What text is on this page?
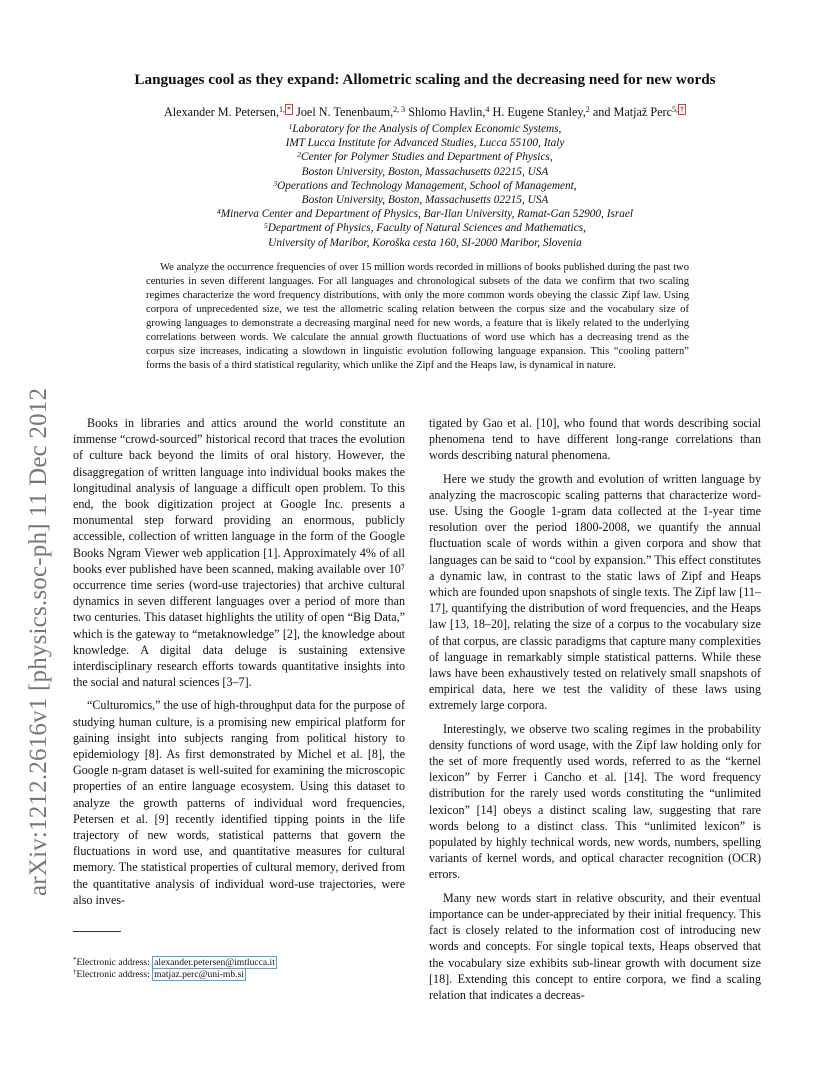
arXiv:1212.2616v1 [physics.soc-ph] 11 Dec 2012
Languages cool as they expand: Allometric scaling and the decreasing need for new words
Alexander M. Petersen,$^{1,}$ * Joel N. Tenenbaum,$^{2, 3}$ Shlomo Havlin,$^4$ H. Eugene Stanley,$^2$ and Matjaž Perc$^{5,}$ †
$^1$Laboratory for the Analysis of Complex Economic Systems,
IMT Lucca Institute for Advanced Studies, Lucca 55100, Italy
$^2$Center for Polymer Studies and Department of Physics,
Boston University, Boston, Massachusetts 02215, USA
$^3$Operations and Technology Management, School of Management,
Boston University, Boston, Massachusetts 02215, USA
$^4$Minerva Center and Department of Physics, Bar-Ilan University, Ramat-Gan 52900, Israel
$^5$Department of Physics, Faculty of Natural Sciences and Mathematics,
University of Maribor, Koroška cesta 160, SI-2000 Maribor, Slovenia

We analyze the occurrence frequencies of over 15 million words recorded in millions of books published during the past two centuries in seven different languages. For all languages and chronological subsets of the data we confirm that two scaling regimes characterize the word frequency distributions, with only the more common words obeying the classic Zipf law. Using corpora of unprecedented size, we test the allometric scaling relation between the corpus size and the vocabulary size of growing languages to demonstrate a decreasing marginal need for new words, a feature that is likely related to the underlying correlations between words. We calculate the annual growth fluctuations of word use which has a decreasing trend as the corpus size increases, indicating a slowdown in linguistic evolution following language expansion. This “cooling pattern” forms the basis of a third statistical regularity, which unlike the Zipf and the Heaps law, is dynamical in nature.

Books in libraries and attics around the world constitute an immense “crowd-sourced” historical record that traces the evolution of culture back beyond the limits of oral history. However, the disaggregation of written language into individual books makes the longitudinal analysis of language a difficult open problem. To this end, the book digitization project at Google Inc. presents a monumental step forward providing an enormous, publicly accessible, collection of written language in the form of the Google Books Ngram Viewer web application [1]. Approximately 4% of all books ever published have been scanned, making available over 10⁷ occurrence time series (word-use trajectories) that archive cultural dynamics in seven different languages over a period of more than two centuries. This dataset highlights the utility of open “Big Data,” which is the gateway to “metaknowledge” [2], the knowledge about knowledge. A digital data deluge is sustaining extensive interdisciplinary research efforts towards quantitative insights into the social and natural sciences [3–7].

“Culturomics,” the use of high-throughput data for the purpose of studying human culture, is a promising new empirical platform for gaining insight into subjects ranging from political history to epidemiology [8]. As first demonstrated by Michel et al. [8], the Google n-gram dataset is well-suited for examining the microscopic properties of an entire language ecosystem. Using this dataset to analyze the growth patterns of individual word frequencies, Petersen et al. [9] recently identified tipping points in the life trajectory of new words, statistical patterns that govern the fluctuations in word use, and quantitative measures for cultural memory. The statistical properties of cultural memory, derived from the quantitative analysis of individual word-use trajectories, were also inves-

tigated by Gao et al. [10], who found that words describing social phenomena tend to have different long-range correlations than words describing natural phenomena.

Here we study the growth and evolution of written language by analyzing the macroscopic scaling patterns that characterize word-use. Using the Google 1-gram data collected at the 1-year time resolution over the period 1800-2008, we quantify the annual fluctuation scale of words within a given corpora and show that languages can be said to “cool by expansion.” This effect constitutes a dynamic law, in contrast to the static laws of Zipf and Heaps which are founded upon snapshots of single texts. The Zipf law [11–17], quantifying the distribution of word frequencies, and the Heaps law [13, 18–20], relating the size of a corpus to the vocabulary size of that corpus, are classic paradigms that capture many complexities of language in remarkably simple statistical patterns. While these laws have been exhaustively tested on relatively small snapshots of empirical data, here we test the validity of these laws using extremely large corpora.

Interestingly, we observe two scaling regimes in the probability density functions of word usage, with the Zipf law holding only for the set of more frequently used words, referred to as the “kernel lexicon” by Ferrer i Cancho et al. [14]. The word frequency distribution for the rarely used words constituting the “unlimited lexicon” [14] obeys a distinct scaling law, suggesting that rare words belong to a distinct class. This “unlimited lexicon” is populated by highly technical words, new words, numbers, spelling variants of kernel words, and optical character recognition (OCR) errors.

Many new words start in relative obscurity, and their eventual importance can be under-appreciated by their initial frequency. This fact is closely related to the information cost of introducing new words and concepts. For single topical texts, Heaps observed that the vocabulary size exhibits sub-linear growth with document size [18]. Extending this concept to entire corpora, we find a scaling relation that indicates a decreas-

*Electronic address: alexander.petersen@imtlucca.it
†Electronic address: matjaz.perc@uni-mb.si
